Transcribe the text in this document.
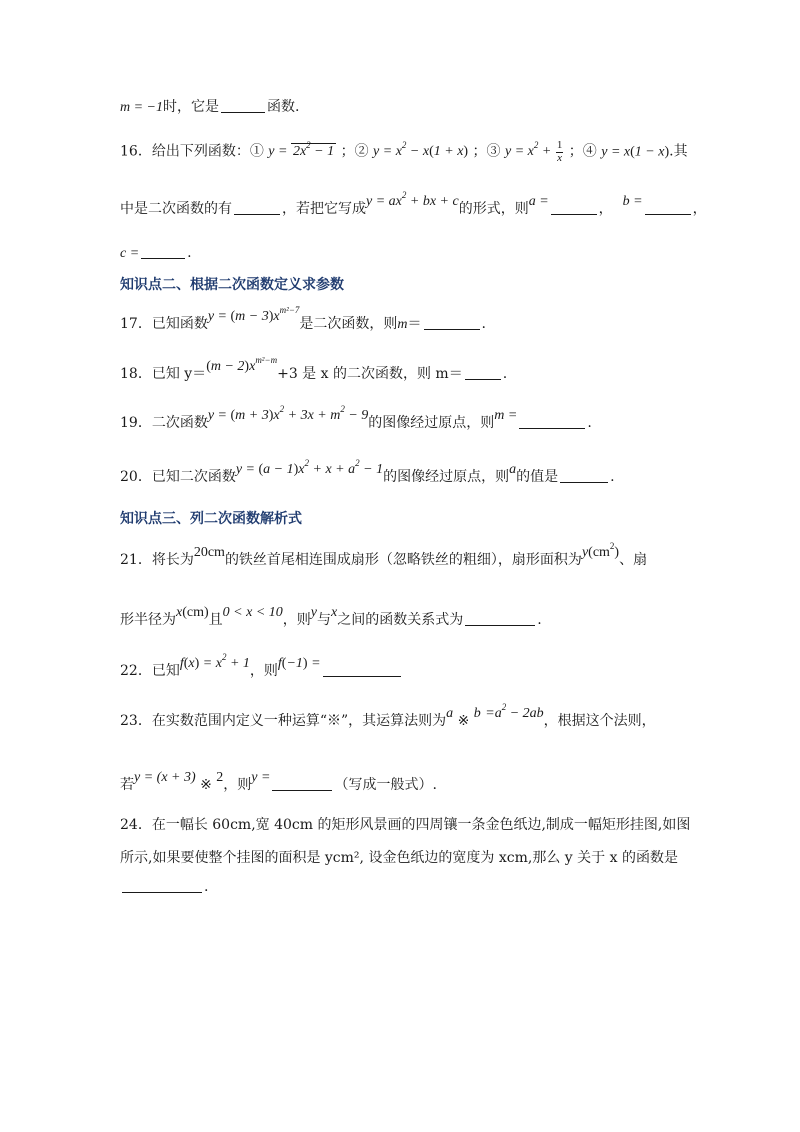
m = −1时，它是	函数.
16．给出下列函数：① $y = 2x^2 - 1$ ；② $y = x^2 - x(1 + x)$ ；③ $y = x^2 + \frac{1}{x}$ ；④ y = x(1 − x).其
中是二次函数的有	，若把它写成$y = ax^2$ + bx + c的形式，则a =	， b =	，
c =	.
知识点二、根据二次函数定义求参数
17．已知函数$y = (m - 3)x^{m^2-7}$是二次函数，则m＝	.
18．已知 $y=(m - 2)x^{m^2-m}+3$ 是 x 的二次函数，则 m＝	.
19．二次函数$y = (m + 3)x^2 + 3x + m^2 - 9$的图像经过原点，则m =	.
20．已知二次函数$y = (a - 1)x^2 + x + a^2 - 1$的图像经过原点，则a的值是	.
知识点三、列二次函数解析式
21．将长为20cm的铁丝首尾相连围成扇形（忽略铁丝的粗细），扇形面积为$y(cm^2)$、扇
形半径为x(cm)且0 < x < 10，则y与x之间的函数关系式为	.
22．已知$f(x) = x^2 + 1$，则f(−1) =
23．在实数范围内定义一种运算“※”，其运算法则为a ※ $b =a^2 - 2ab$，根据这个法则，
若y = (x + 3) ※ 2，则y =	（写成一般式）.
24．在一幅长 60cm,宽 40cm 的矩形风景画的四周镶一条金色纸边,制成一幅矩形挂图,如图
所示,如果要使整个挂图的面积是 ycm², 设金色纸边的宽度为 xcm,那么 y 关于 x 的函数是
.
